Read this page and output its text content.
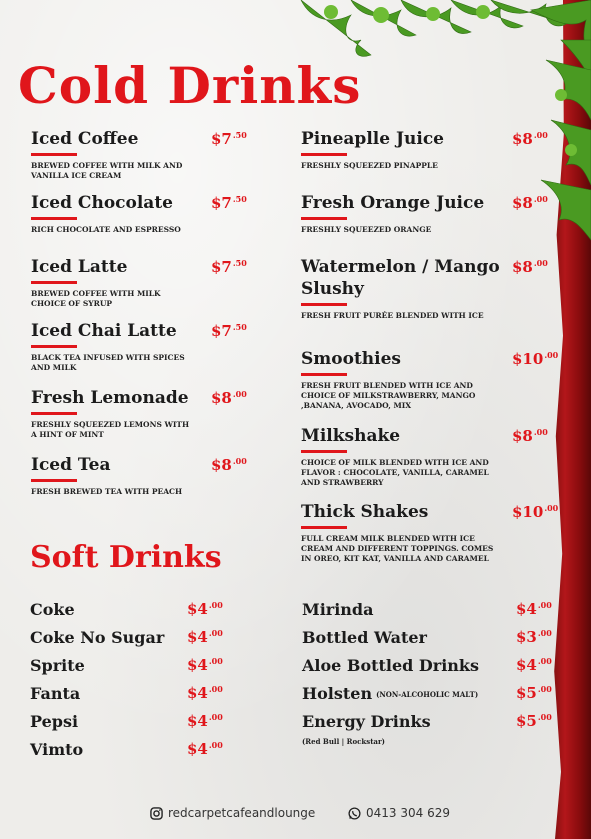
Cold Drinks
Iced Coffee
BREWED COFFEE WITH MILK AND VANILLA ICE CREAM
$\$7^{.50}$
Iced Chocolate
RICH CHOCOLATE AND ESPRESSO
$\$7^{.50}$
Iced Latte
BREWED COFFEE WITH MILK CHOICE OF SYRUP
$\$7^{.50}$
Iced Chai Latte
BLACK TEA INFUSED WITH SPICES AND MILK
$\$7^{.50}$
Fresh Lemonade
FRESHLY SQUEEZED LEMONS WITH A HINT OF MINT
$\$8^{.00}$
Iced Tea
FRESH BREWED TEA WITH PEACH
$\$8^{.00}$
Pineaplle Juice
FRESHLY SQUEEZED PINAPPLE
$\$8^{.00}$
Fresh Orange Juice
FRESHLY SQUEEZED ORANGE
$\$8^{.00}$
Watermelon / Mango Slushy
FRESH FRUIT PURÉE BLENDED WITH ICE
$\$8^{.00}$
Smoothies
FRESH FRUIT BLENDED WITH ICE AND CHOICE OF MILKSTRAWBERRY, MANGO ,BANANA, AVOCADO, MIX
$\$10^{.00}$
Milkshake
CHOICE OF MILK BLENDED WITH ICE AND FLAVOR : CHOCOLATE, VANILLA, CARAMEL AND STRAWBERRY
$\$8^{.00}$
Thick Shakes
FULL CREAM MILK BLENDED WITH ICE CREAM AND DIFFERENT TOPPINGS. COMES IN OREO, KIT KAT, VANILLA AND CARAMEL
$\$10^{.00}$
Soft Drinks
Coke	$\$4^{.00}$
Coke No Sugar $\$4^{.00}$
Sprite	$\$4^{.00}$
Fanta	$\$4^{.00}$
Pepsi	$\$4^{.00}$
Vimto	$\$4^{.00}$
Mirinda	$\$4^{.00}$
Bottled Water	$\$3^{.00}$
Aloe Bottled Drinks $\$4^{.00}$
Holsten (NON-ALCOHOLIC MALT)	$\$5^{.00}$
Energy Drinks	$\$5^{.00}$
(Red Bull | Rockstar)
redcarpetcafeandlounge	0413 304 629
